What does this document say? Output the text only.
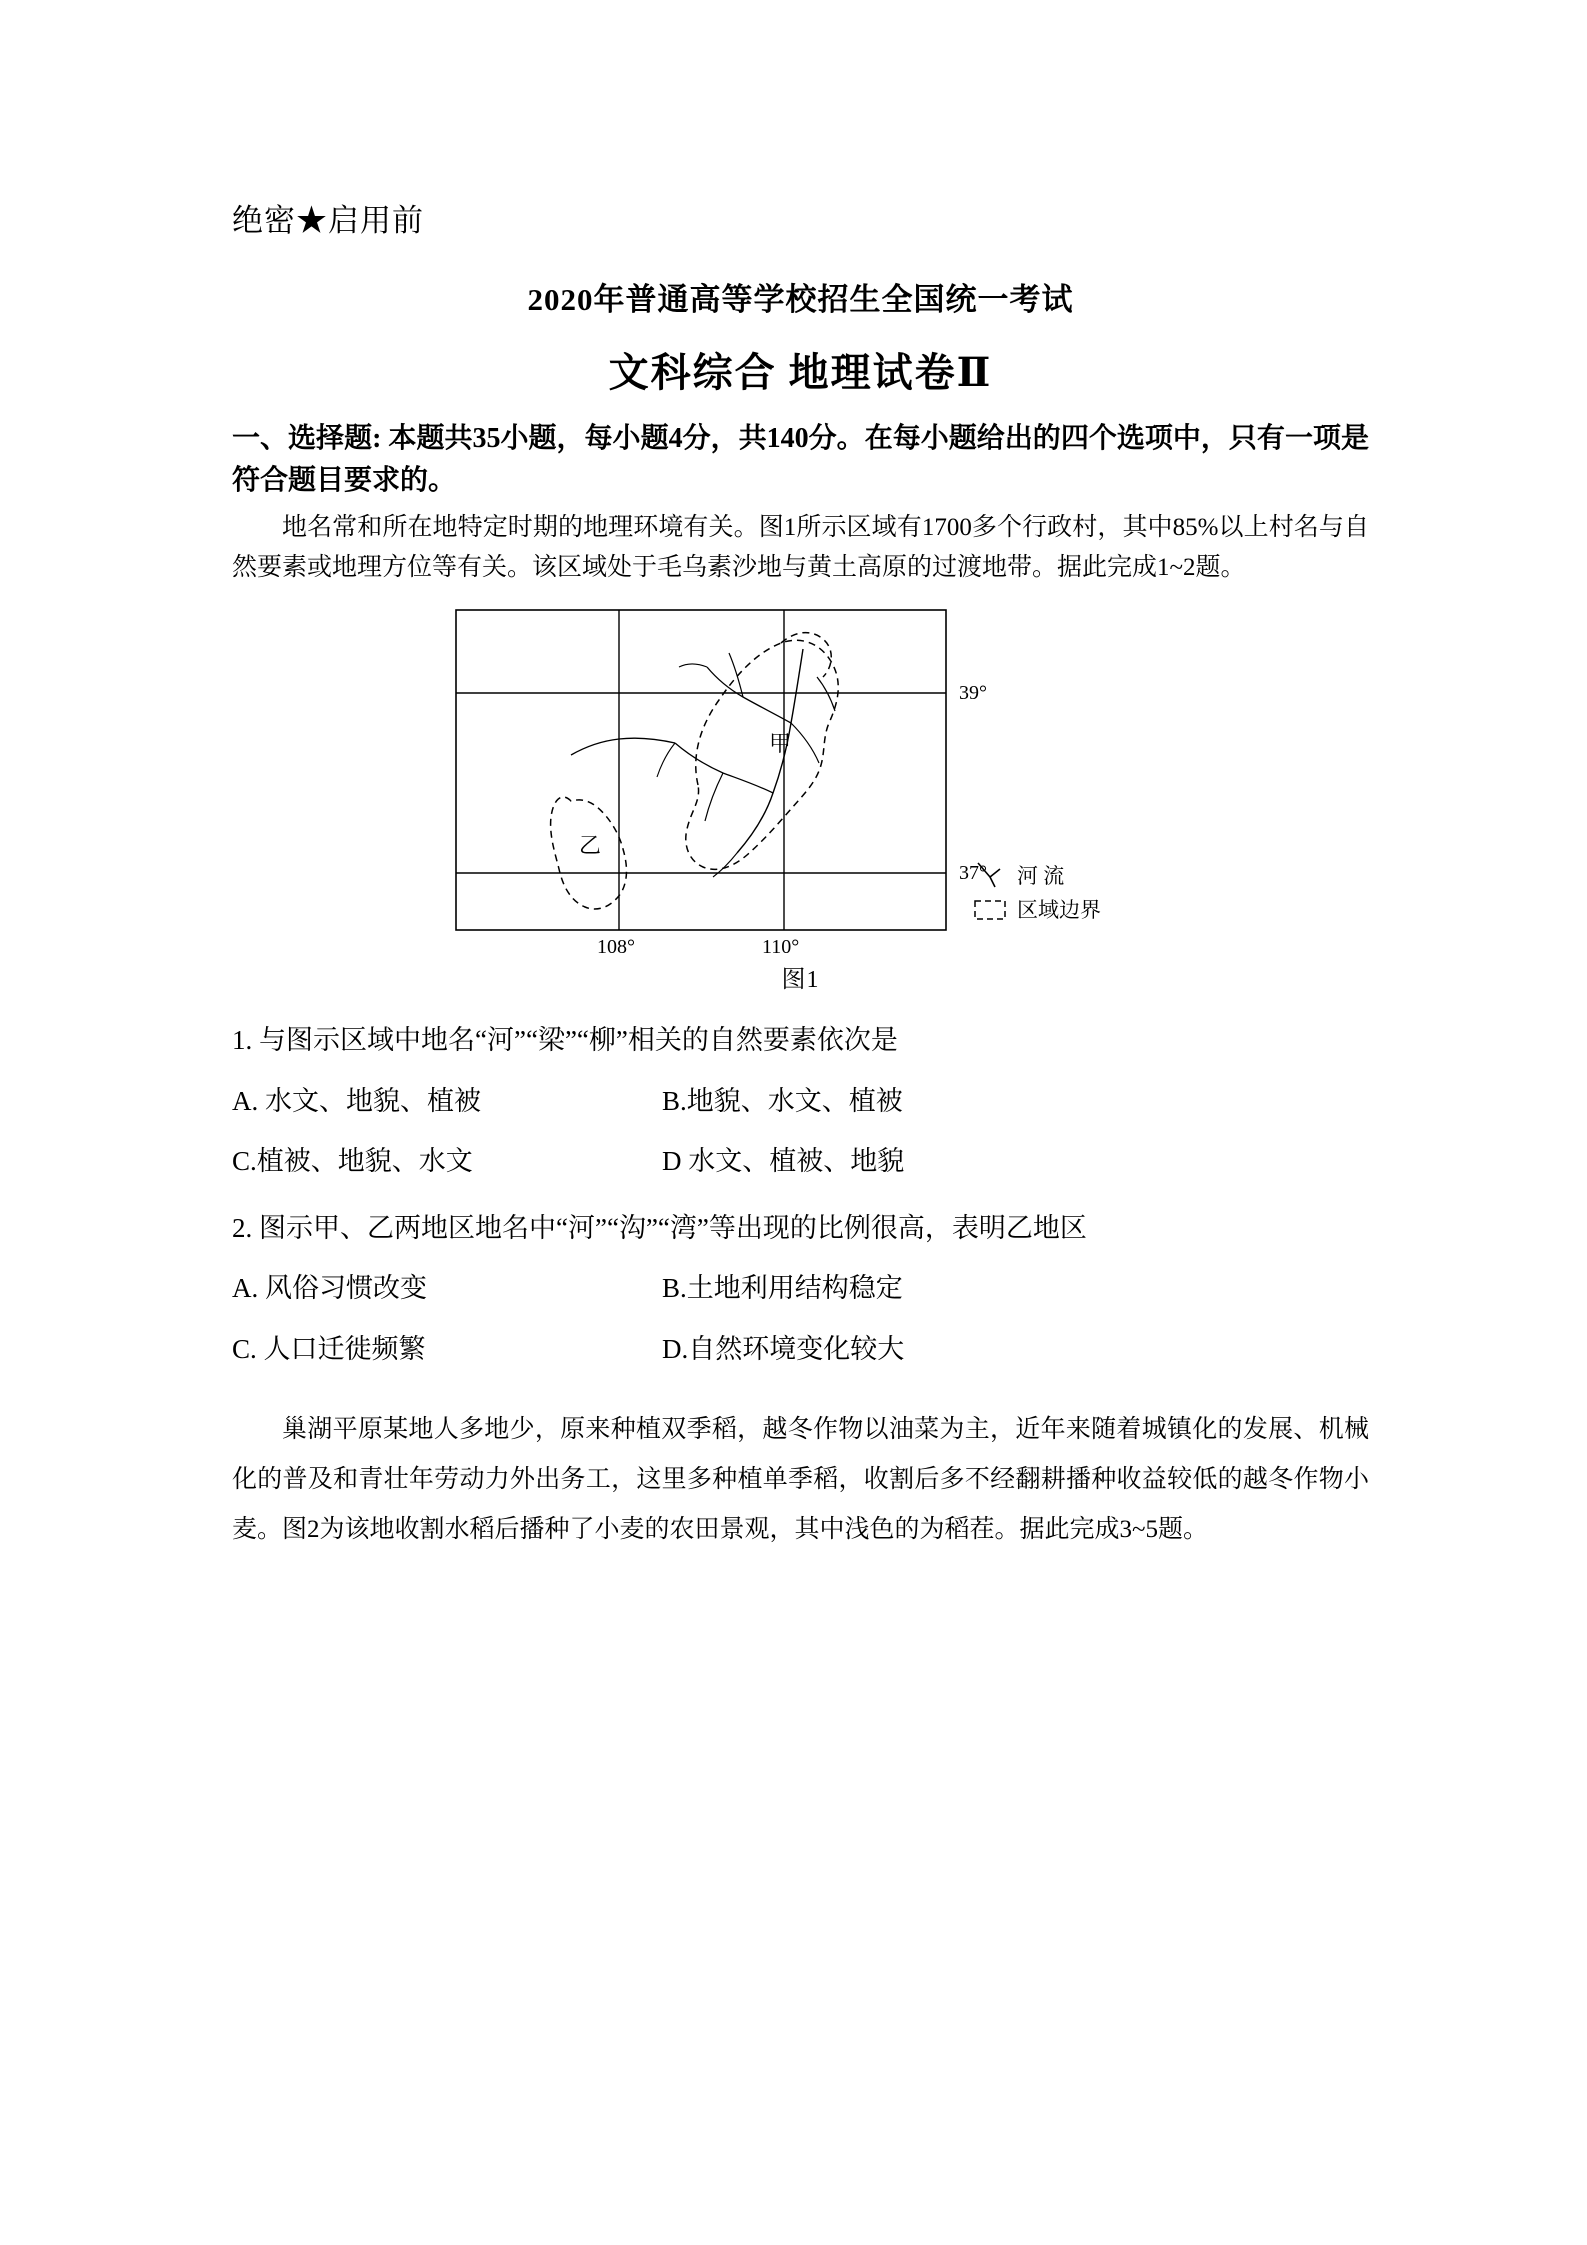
绝密★启用前
2020年普通高等学校招生全国统一考试
文科综合 地理试卷Ⅱ
一、选择题: 本题共35小题，每小题4分，共140分。在每小题给出的四个选项中，只有一项是符合题目要求的。
地名常和所在地特定时期的地理环境有关。图1所示区域有1700多个行政村，其中85%以上村名与自然要素或地理方位等有关。该区域处于毛乌素沙地与黄土高原的过渡地带。据此完成1~2题。
39°
37°
108°	110°
甲
乙
河 流
区域边界
图1
1. 与图示区域中地名“河”“梁”“柳”相关的自然要素依次是
A. 水文、地貌、植被	B.地貌、水文、植被
C.植被、地貌、水文	D 水文、植被、地貌
2. 图示甲、乙两地区地名中“河”“沟”“湾”等出现的比例很高，表明乙地区
A. 风俗习惯改变	B.土地利用结构稳定
C. 人口迁徙频繁	D.自然环境变化较大
巢湖平原某地人多地少，原来种植双季稻，越冬作物以油菜为主，近年来随着城镇化的发展、机械化的普及和青壮年劳动力外出务工，这里多种植单季稻，收割后多不经翻耕播种收益较低的越冬作物小麦。图2为该地收割水稻后播种了小麦的农田景观，其中浅色的为稻茬。据此完成3~5题。
